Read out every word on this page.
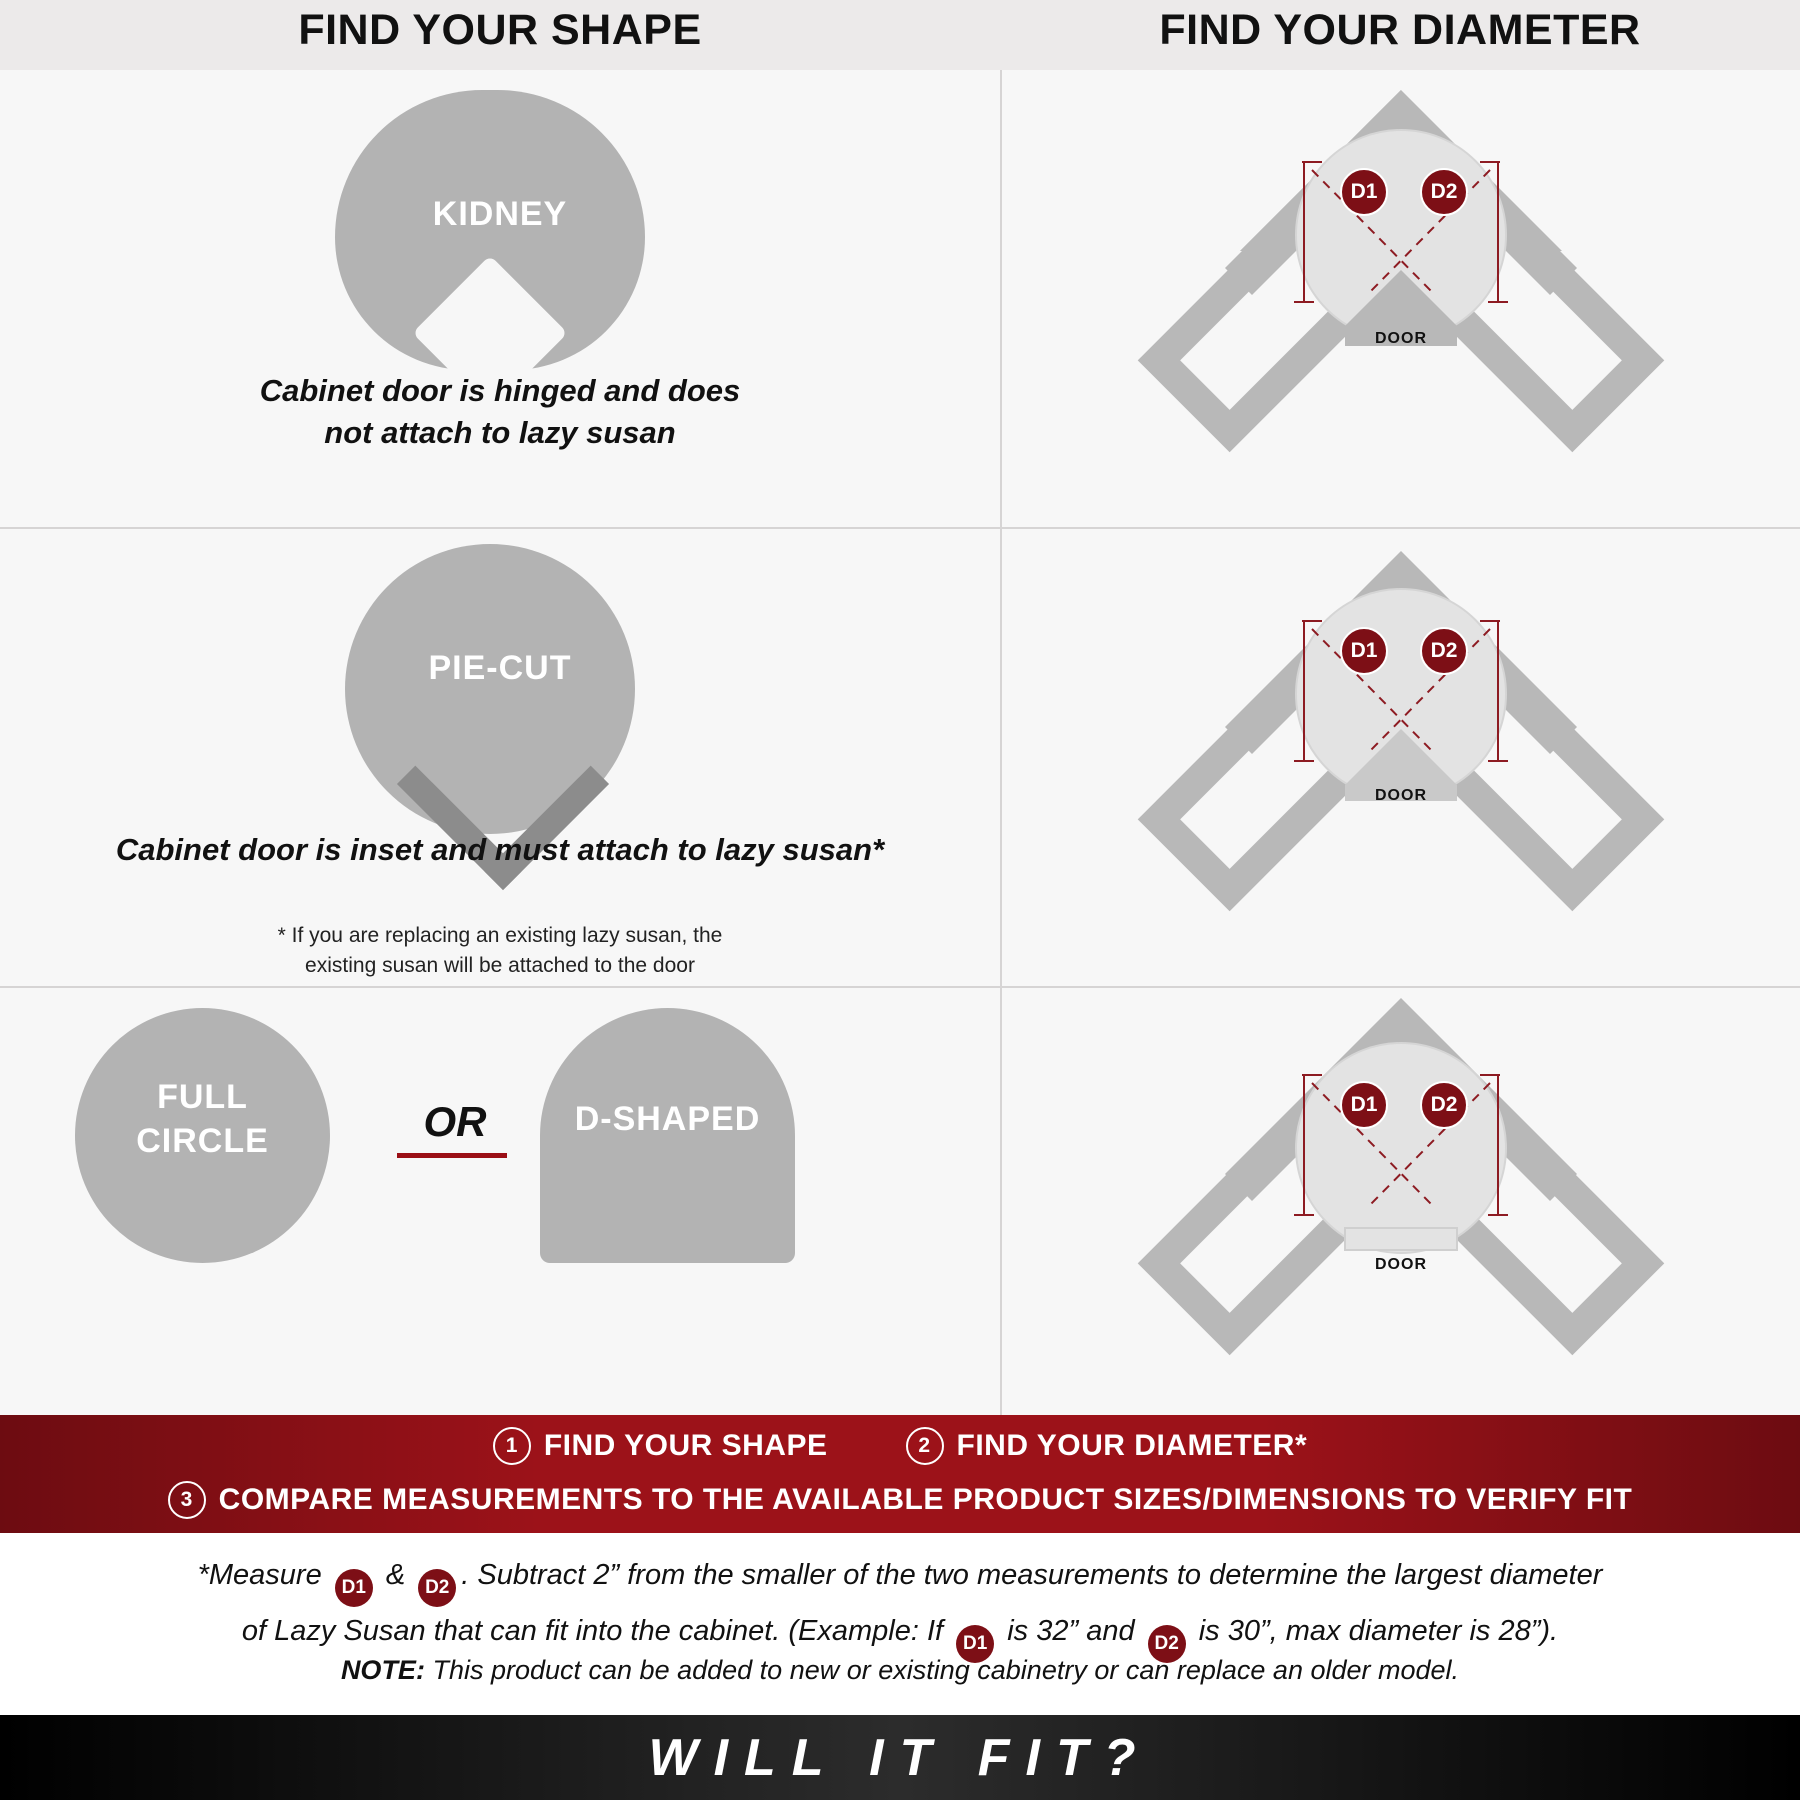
FIND YOUR SHAPE	FIND YOUR DIAMETER
KIDNEY
Cabinet door is hinged and does
not attach to lazy susan
D1	D2
DOOR
PIE-CUT
Cabinet door is inset and must attach to lazy susan*
* If you are replacing an existing lazy susan, the
existing susan will be attached to the door
D1	D2
DOOR
FULL
CIRCLE	OR	D-SHAPED	D1	D2
DOOR
1 FIND YOUR SHAPE	2 FIND YOUR DIAMETER*
3 COMPARE MEASUREMENTS TO THE AVAILABLE PRODUCT SIZES/DIMENSIONS TO VERIFY FIT
*Measure D1 & D2 . Subtract 2” from the smaller of the two measurements to determine the largest diameter
of Lazy Susan that can fit into the cabinet. (Example: If D1 is 32” and D2 is 30”, max diameter is 28”).
NOTE: This product can be added to new or existing cabinetry or can replace an older model.
WILL IT FIT?
